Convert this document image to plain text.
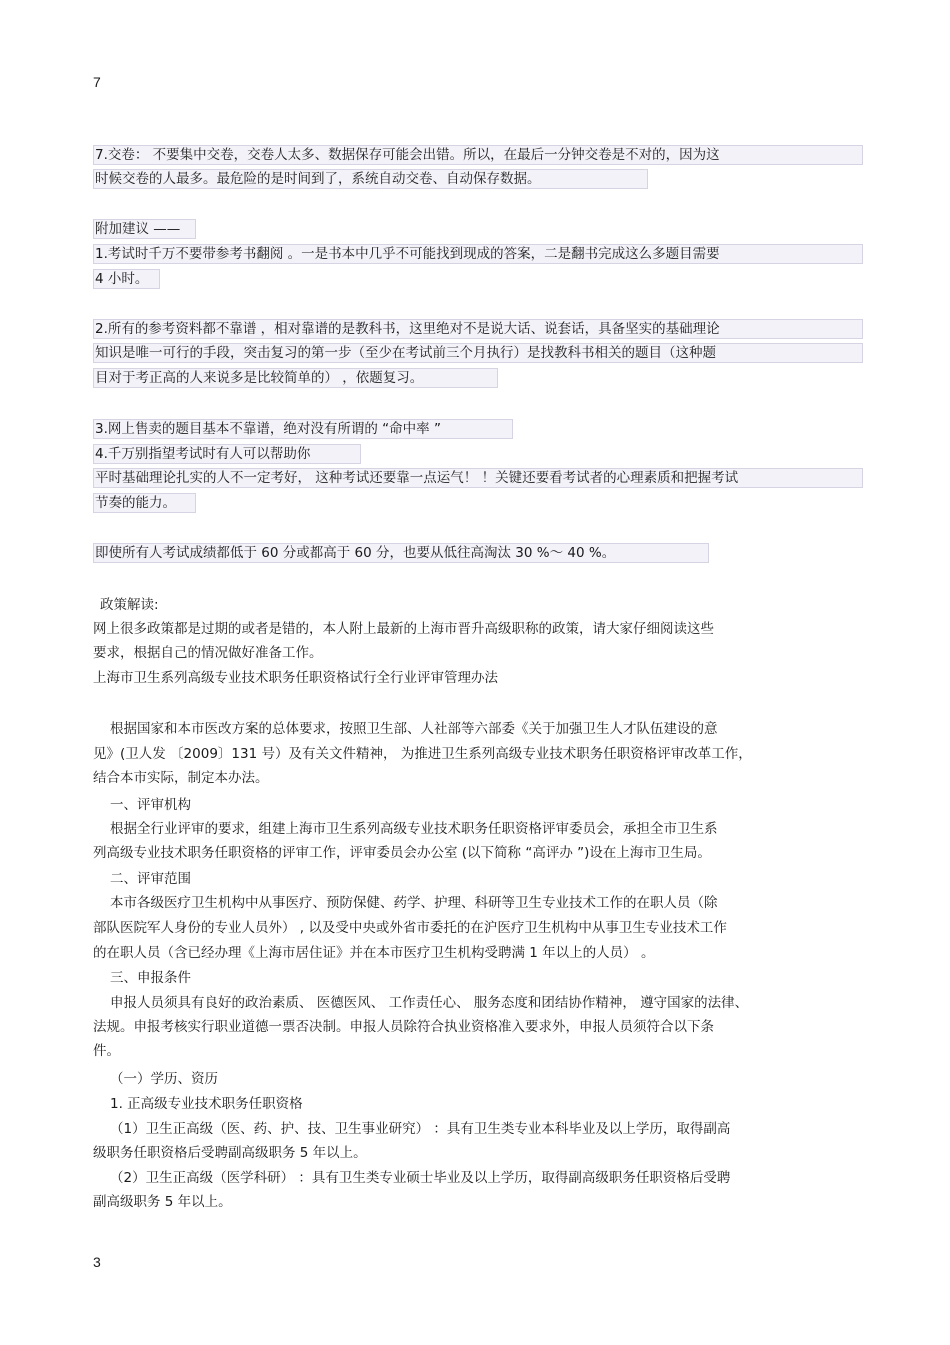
7
7.交卷： 不要集中交卷，交卷人太多、数据保存可能会出错。所以，在最后一分钟交卷是不对的，因为这
时候交卷的人最多。最危险的是时间到了，系统自动交卷、自动保存数据。
附加建议 ——
1.考试时千万不要带参考书翻阅 。一是书本中几乎不可能找到现成的答案，二是翻书完成这么多题目需要
4 小时。
2.所有的参考资料都不靠谱 ，相对靠谱的是教科书，这里绝对不是说大话、说套话，具备坚实的基础理论
知识是唯一可行的手段，突击复习的第一步（至少在考试前三个月执行）是找教科书相关的题目（这种题
目对于考正高的人来说多是比较简单的） ，依题复习。
3.网上售卖的题目基本不靠谱，绝对没有所谓的 “命中率 ”
4.千万别指望考试时有人可以帮助你
平时基础理论扎实的人不一定考好， 这种考试还要靠一点运气！ ！关键还要看考试者的心理素质和把握考试
节奏的能力。
即使所有人考试成绩都低于 60 分或都高于 60 分，也要从低往高淘汰 30 %～ 40 %。
政策解读:
网上很多政策都是过期的或者是错的，本人附上最新的上海市晋升高级职称的政策，请大家仔细阅读这些
要求，根据自己的情况做好准备工作。
上海市卫生系列高级专业技术职务任职资格试行全行业评审管理办法
根据国家和本市医改方案的总体要求，按照卫生部、人社部等六部委《关于加强卫生人才队伍建设的意
见》(卫人发 〔2009〕131 号）及有关文件精神， 为推进卫生系列高级专业技术职务任职资格评审改革工作，
结合本市实际，制定本办法。
一、评审机构
根据全行业评审的要求，组建上海市卫生系列高级专业技术职务任职资格评审委员会，承担全市卫生系
列高级专业技术职务任职资格的评审工作，评审委员会办公室 (以下简称 “高评办 ”)设在上海市卫生局。
二、评审范围
本市各级医疗卫生机构中从事医疗、预防保健、药学、护理、科研等卫生专业技术工作的在职人员（除
部队医院军人身份的专业人员外） , 以及受中央或外省市委托的在沪医疗卫生机构中从事卫生专业技术工作
的在职人员（含已经办理《上海市居住证》并在本市医疗卫生机构受聘满 1 年以上的人员） 。
三、申报条件
申报人员须具有良好的政治素质、 医德医风、 工作责任心、 服务态度和团结协作精神， 遵守国家的法律、
法规。申报考核实行职业道德一票否决制。申报人员除符合执业资格准入要求外，申报人员须符合以下条
件。
（一）学历、资历
1. 正高级专业技术职务任职资格
（1）卫生正高级（医、药、护、技、卫生事业研究） ：具有卫生类专业本科毕业及以上学历，取得副高
级职务任职资格后受聘副高级职务 5 年以上。
（2）卫生正高级（医学科研） ：具有卫生类专业硕士毕业及以上学历，取得副高级职务任职资格后受聘
副高级职务 5 年以上。
3
